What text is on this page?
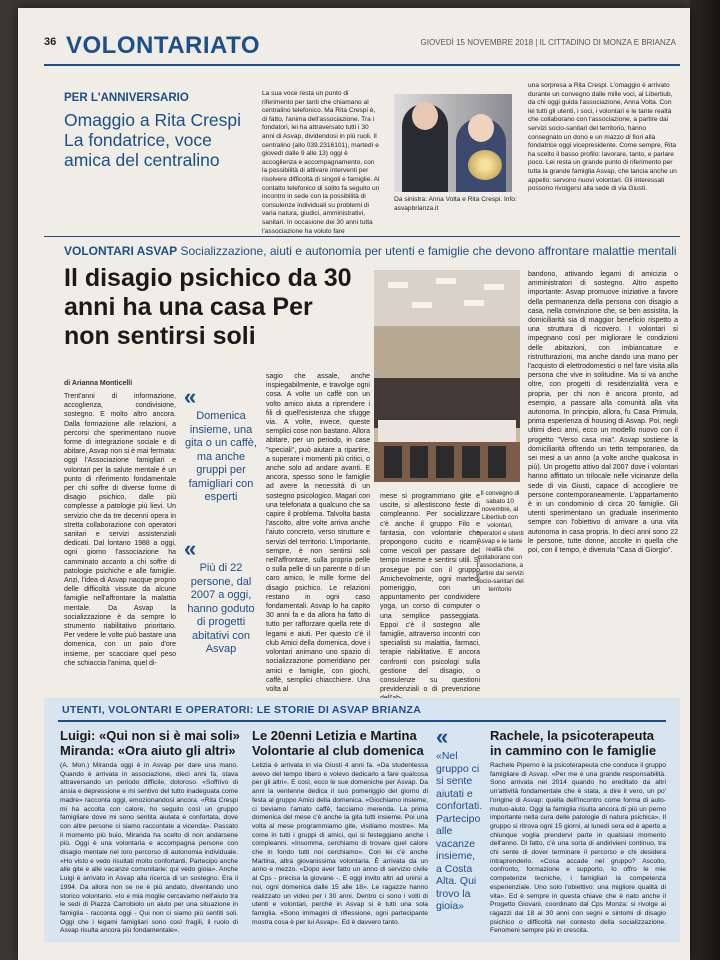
36 VOLONTARIATO	GIOVEDÌ 15 NOVEMBRE 2018 | IL CITTADINO DI MONZA E BRIANZA
PER L'ANNIVERSARIO
Omaggio a Rita Crespi La fondatrice, voce amica del centralino
La sua voce resta un punto di riferimento per tanti che chiamano al centralino telefonico. Ma Rita Crespi è, di fatto, l'anima dell'associazione. Tra i fondatori, lei ha attraversato tutti i 30 anni di Asvap, dividendosi in più ruoli. Il centralino (allo 039.2316101), martedì e giovedì dalle 9 alle 13) oggi è accoglienza e accompagnamento, con la possibilità di attivare interventi per risolvere difficoltà di singoli e famiglie. Al contatto telefonico di solito fa seguito un incontro in sede con la possibilità di consulenze individuali su problemi di varia natura, giudici, amministrativi, sanitari. In occasione dei 30 anni tutta l'associazione ha voluto fare
Da sinistra: Anna Volta e Rita Crespi. Info: asvapbrianza.it
una sorpresa a Rita Crespi. L'omaggio è arrivato durante un convegno dalle mille voci, al Libertiub, da chi oggi guida l'associazione, Anna Volta. Con lei tutti gli utenti, i soci, i volontari e le tante realtà che collaborano con l'associazione, a partire dai servizi socio-sanitari del territorio, hanno consegnato un dono e un mazzo di fiori alla fondatrice oggi vicepresidente. Come sempre, Rita ha scelto il basso profilo: lavorare, tanto, e parlare poco. Lei resta un grande punto di riferimento per tutta la grande famiglia Asvap, che lancia anche un appello: servono nuovi volontari. Gli interessati possono rivolgersi alla sede di via Giusti.
VOLONTARI ASVAP Socializzazione, aiuti e autonomia per utenti e famiglie che devono affrontare malattie mentali
Il disagio psichico da 30 anni ha una casa Per non sentirsi soli
di Arianna Monticelli
Trent'anni di informazione, accoglienza, condivisione, sostegno. E molto altro ancora. Dalla formazione alle relazioni, a percorsi che sperimentano nuove forme di integrazione sociale e di abitare, Asvap non si è mai fermata: oggi l'Associazione famigliari e volontari per la salute mentale è un punto di riferimento fondamentale per chi soffre di diverse forme di disagio psichico, dalle più complesse a patologie più lievi. Un servizio che da tre decenni opera in stretta collaborazione con operatori sanitari e servizi assistenziali dedicati. Dal lontano 1988 a oggi, ogni giorno l'associazione ha camminato accanto a chi soffre di patologie psichiche e alle famiglie. Anzi, l'idea di Asvap nacque proprio delle difficoltà vissute da alcune famiglie nell'affrontare la malattia mentale. Da Asvap la socializzazione è da sempre lo strumento riabilitativo prioritario. Per vedere le volte può bastare una domenica, con un paio d'ore insieme, per scacciare quel peso che schiaccia l'anima, quel di-
«
Domenica insieme, una gita o un caffè, ma anche gruppi per famigliari con esperti
«
Più di 22 persone, dal 2007 a oggi, hanno goduto di progetti abitativi con Asvap
sagio che assale, anche inspiegabilmente, e travolge ogni cosa. A volte un caffè con un volto amico aiuta a riprendere i fili di quell'esistenza che sfugge via. A volte, invece, queste semplici cose non bastano. Allora abitare, per un periodo, in case "speciali", può aiutare a ripartire, a superare i momenti più critici, o anche solo ad andare avanti. E ancora, spesso sono le famiglie ad avere la necessità di un sostegno psicologico. Magari con una telefonata a qualcuno che sa capire il problema. Talvolta basta l'ascolto, altre volte arriva anche l'aiuto concreto, verso strutture e servizi del territorio. L'importante, sempre, è non sentirsi soli nell'affrontare, sulla propria pelle o sulla pelle di un parente o di un caro amico, le mille forme del disagio psichico. Le relazioni restano in ogni caso fondamentali. Asvap lo ha capito 30 anni fa e da allora ha fatto di tutto per rafforzare quella rete di legami e aiuti. Per questo c'è il club Amici della domenica, dove i volontari animano uno spazio di socializzazione pomeridiano per amici e famiglie, con giochi, caffè, semplici chiacchiere. Una volta al
mese si programmano gite e uscite, si allestiscono feste di compleanno. Per socializzare c'è anche il gruppo Filo e fantasia, con volontarie che propongono cucito e ricami, come veicoli per passare del tempo insieme e sentirsi utili. Si prosegue poi con il gruppo Amichevolmente, ogni martedì pomeriggio, con un appuntamento per condividere yoga, un corso di computer o una semplice passeggiata. Eppoi c'è il sostegno alle famiglie, attraverso incontri con specialisti su malattia, farmaci, terapie riabilitative. E ancora confronti con psicologi sulla gestione del disagio, o consulenze su questioni previdenziali o di prevenzione
Il convegno di sabato 10 novembre, al Libertiub con volontari, operatori e utenti Asvap e le tante realtà che collaborano con l'associazione, a partire dai servizi socio-sanitari del territorio
bandono, attivando legami di amicizia o amministratori di sostegno. Altro aspetto importante: Asvap promuove iniziative a favore della permanenza della persona con disagio a casa, nella convinzione che, se ben assistita, la domiciliarità sia di maggior beneficio rispetto a una struttura di ricovero. I volontari si impegnano così per migliorare le condizioni delle abitazioni, con imbiancature e ristrutturazioni, ma anche dando una mano per l'acquisto di elettrodomestici o nel fare visita alla persona che vive in solitudine. Ma si va anche oltre, con progetti di residenzialità vera e propria, per chi non è ancora pronto, ad esempio, a passare alla comunità alla vita autonoma. In principio, allora, fu Casa Primula, prima esperienza di housing di Asvap. Poi, negli ultimi dieci anni, ecco un modello nuovo con il progetto "Verso casa mia". Asvap sostiene la domiciliarità offrendo un tetto temporaneo, da sei mesi a un anno (a volte anche qualcosa in più). Un progetto attivo dal 2007 dove i volontari hanno affittato un trilocale nelle vicinanze della sede di via Giusti, capace di accogliere tre persone contemporaneamente. L'appartamento è in un condominio di circa 20 famiglie. Gli utenti sperimentano un graduale inserimento sempre con l'obiettivo di arrivare a una vita autonoma in casa propria. In dieci anni sono 22 le persone, tutte donne, accolte in quella che poi, con il tempo, è divenuta "Casa di Giorgio".
UTENTI, VOLONTARI E OPERATORI: LE STORIE DI ASVAP BRIANZA
Luigi: «Qui non si è mai soli» Miranda: «Ora aiuto gli altri»
(A. Mon.) Miranda oggi è in Asvap per dare una mano. Quando è arrivata in associazione, dieci anni fa, stava attraversando un periodo difficile, doloroso. «Soffrivo di ansia e depressione e mi sentivo del tutto inadeguata come madre» racconta oggi, emozionandosi ancora. «Rita Crespi mi ha accolta con calore, ho seguito così un gruppo famigliare dove mi sono sentita aiutata e confortata, dove con altre persone ci siamo raccontate a vicenda». Passato il momento più buio, Miranda ha scelto di non andarsene più. Oggi è una volontaria e accompagna persone con disagio mentale nel loro percorso di autonomia individuale. «Ho visto e vedo risultati molto confortanti. Partecipo anche alle gite e alle vacanze comunitarie: qui vedo gioia». Anche Luigi è arrivato in Asvap alla ricerca di un sostegno. Era il 1994. Da allora non se ne è più andato, diventando uno storico volontario. «Io e mia moglie cercavamo nell'aiuto tra le sedi di Piazza Carrobiolo un aiuto per una situazione in famiglia - racconta oggi - Qui non ci siamo più sentiti soli. Oggi che i legami famigliari sono così fragili, il ruolo di Asvap risulta ancora più fondamentale».
Le 20enni Letizia e Martina Volontarie al club domenica
Letizia è arrivata in via Giusti 4 anni fa. «Da studentessa avevo del tempo libero e volevo dedicarlo a fare qualcosa per gli altri». E così, ecco le sue domeniche per Asvap. Da anni la ventenne dedica il suo pomeriggio del giorno di festa al gruppo Amici della domenica. «Giochiamo insieme, ci beviamo l'amato caffè, facciamo merenda. La prima domenica del mese c'è anche la gita tutti insieme. Poi una volta al mese programmiamo gite, visitiamo mostre». Ma come in tutti i gruppi di amici, qui si festeggiano anche i compleanni. «Insomma, cerchiamo di trovare quel calore che in fondo tutti noi cerchiamo». Con lei c'è anche Martina, altra giovanissima volontaria. È arrivata da un anno e mezzo. «Dopo aver fatto un anno di servizio civile al Cps - precisa la giovane -. E oggi invito altri ad unirsi a noi, ogni domenica dalle 15 alle 18». Le ragazze hanno realizzato un video per i 30 anni. Dentro ci sono i volti di utenti e volontari, perché in Asvap si è tutti una sola famiglia. «Sono immagini di riflessione, ogni partecipante mostra cosa è per lui Asvap». Ed è davvero tanto.
«
«Nel gruppo ci si sente aiutati e confortati. Partecipo alle vacanze insieme, a Costa Alta. Qui trovo la gioia»
Rachele, la psicoterapeuta in cammino con le famiglie
Rachele Piperno è la psicoterapeuta che conduce il gruppo famigliare di Asvap. «Per me è una grande responsabilità. Sono arrivata nel 2014 quando ho ereditato da altri un'attività fondamentale che è stata, a dire il vero, un po' l'origine di Asvap: quella dell'incontro come forma di auto-mutuo-aiuto. Oggi la famiglia risulta ancora di più un perno importante nella cura delle patologie di natura psichica». Il gruppo si ritrova ogni 15 giorni, al lunedì sera ed è aperto a chiunque voglia prendervi parte in qualsiasi momento dell'anno. Di fatto, c'è una sorta di andirivieni continuo, tra chi sente di dover terminare il percorso e chi desidera intraprenderlo. «Cosa accade nel gruppo? Ascolto, confronto, formazione e supporto. Io offro le mie competenze tecniche, i famigliari la competenza esperienziale. Uno solo l'obiettivo: una migliore qualità di vita». Ed è sempre in questa chiave che è nato anche il Progetto Giovani, coordinato dal Cps Monza: si rivolge ai ragazzi dai 18 ai 30 anni con segni e sintomi di disagio psichico o difficoltà nel contesto della socializzazione. Fenomeni sempre più in crescita.
